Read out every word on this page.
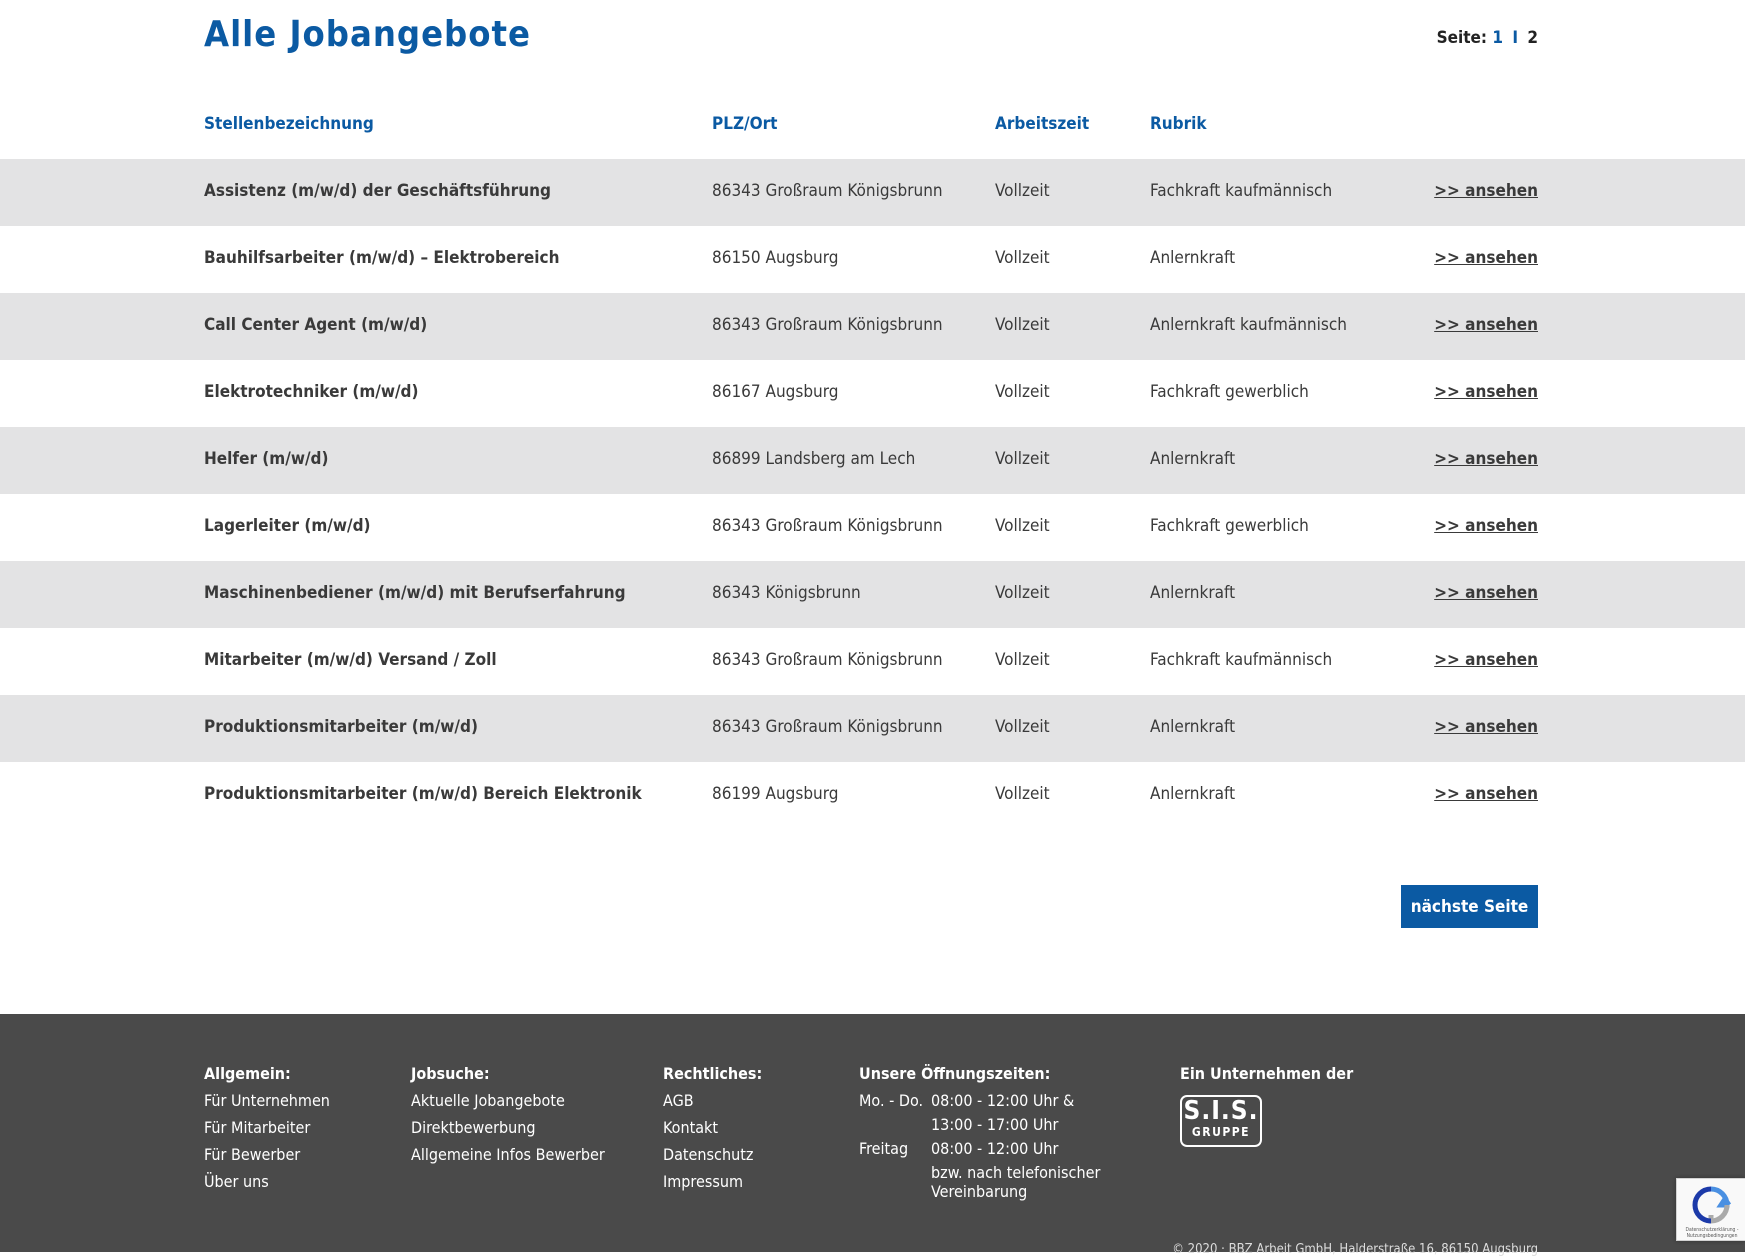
Alle Jobangebote	Seite: 1 I 2
Stellenbezeichnung	PLZ/Ort	Arbeitszeit	Rubrik
Assistenz (m/w/d) der Geschäftsführung	86343 Großraum Königsbrunn	Vollzeit	Fachkraft kaufmännisch	>> ansehen
Bauhilfsarbeiter (m/w/d) – Elektrobereich	86150 Augsburg	Vollzeit	Anlernkraft	>> ansehen
Call Center Agent (m/w/d)	86343 Großraum Königsbrunn	Vollzeit	Anlernkraft kaufmännisch	>> ansehen
Elektrotechniker (m/w/d)	86167 Augsburg	Vollzeit	Fachkraft gewerblich	>> ansehen
Helfer (m/w/d)	86899 Landsberg am Lech	Vollzeit	Anlernkraft	>> ansehen
Lagerleiter (m/w/d)	86343 Großraum Königsbrunn	Vollzeit	Fachkraft gewerblich	>> ansehen
Maschinenbediener (m/w/d) mit Berufserfahrung	86343 Königsbrunn	Vollzeit	Anlernkraft	>> ansehen
Mitarbeiter (m/w/d) Versand / Zoll	86343 Großraum Königsbrunn	Vollzeit	Fachkraft kaufmännisch	>> ansehen
Produktionsmitarbeiter (m/w/d)	86343 Großraum Königsbrunn	Vollzeit	Anlernkraft	>> ansehen
Produktionsmitarbeiter (m/w/d) Bereich Elektronik	86199 Augsburg	Vollzeit	Anlernkraft	>> ansehen
nächste Seite
Allgemein:
Für Unternehmen
Für Mitarbeiter
Für Bewerber
Über uns
Jobsuche:
Aktuelle Jobangebote
Direktbewerbung
Allgemeine Infos Bewerber
Rechtliches:
AGB
Kontakt
Datenschutz
Impressum
Unsere Öffnungszeiten:
Mo. - Do. 08:00 - 12:00 Uhr &
13:00 - 17:00 Uhr
Freitag	08:00 - 12:00 Uhr
bzw. nach telefonischer Vereinbarung
Ein Unternehmen der
S.I.S.
GRUPPE
© 2020 · BBZ Arbeit GmbH, Halderstraße 16, 86150 Augsburg
Datenschutzerklärung - Nutzungsbedingungen
